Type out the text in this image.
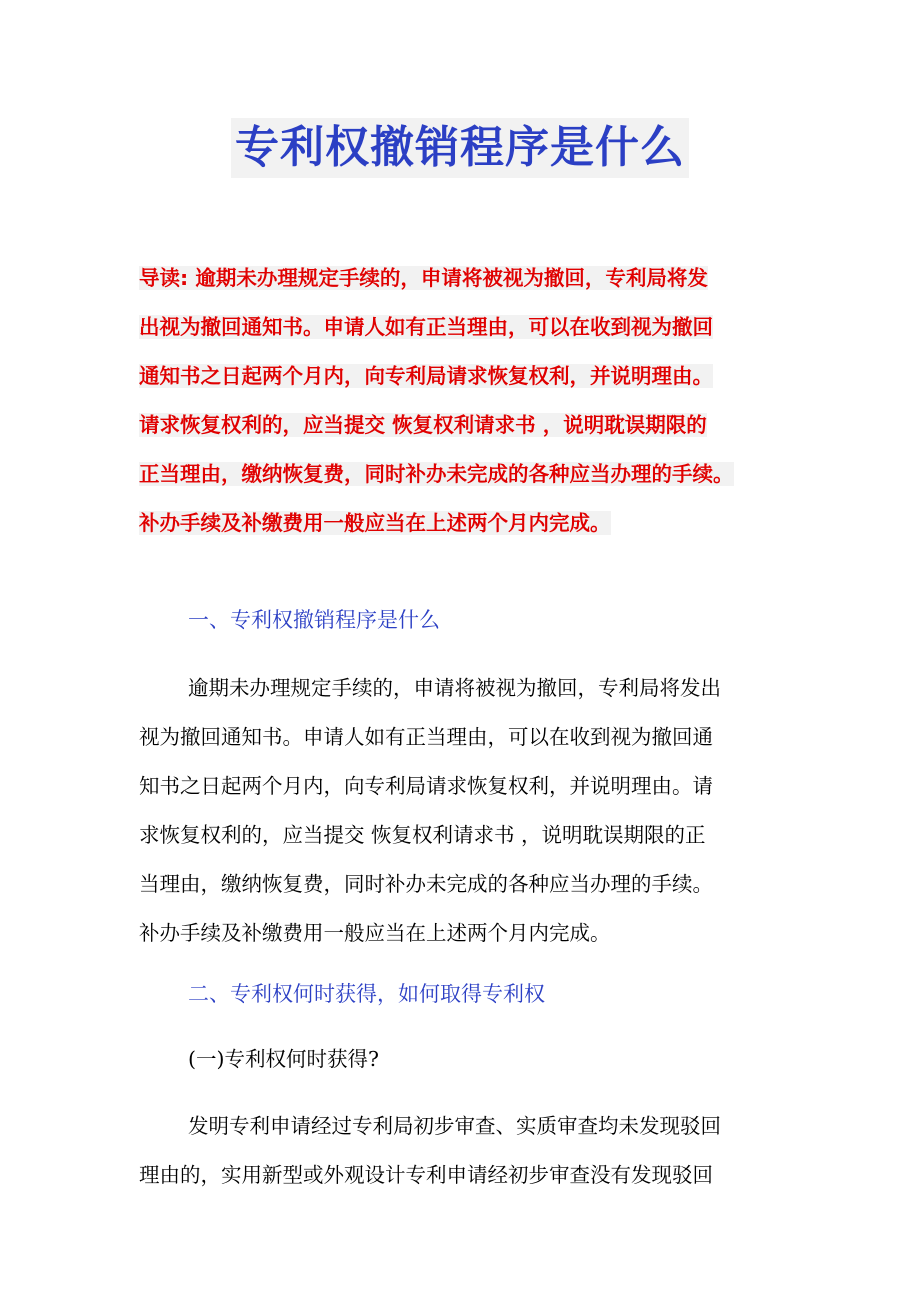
专利权撤销程序是什么
导读: 逾期未办理规定手续的，申请将被视为撤回，专利局将发
出视为撤回通知书。申请人如有正当理由，可以在收到视为撤回
通知书之日起两个月内，向专利局请求恢复权利，并说明理由。
请求恢复权利的，应当提交 恢复权利请求书 ，说明耽误期限的
正当理由，缴纳恢复费，同时补办未完成的各种应当办理的手续。
补办手续及补缴费用一般应当在上述两个月内完成。
一、专利权撤销程序是什么
逾期未办理规定手续的，申请将被视为撤回，专利局将发出
视为撤回通知书。申请人如有正当理由，可以在收到视为撤回通
知书之日起两个月内，向专利局请求恢复权利，并说明理由。请
求恢复权利的，应当提交 恢复权利请求书 ，说明耽误期限的正
当理由，缴纳恢复费，同时补办未完成的各种应当办理的手续。
补办手续及补缴费用一般应当在上述两个月内完成。
二、专利权何时获得，如何取得专利权
(一)专利权何时获得?
发明专利申请经过专利局初步审查、实质审查均未发现驳回
理由的，实用新型或外观设计专利申请经初步审查没有发现驳回
